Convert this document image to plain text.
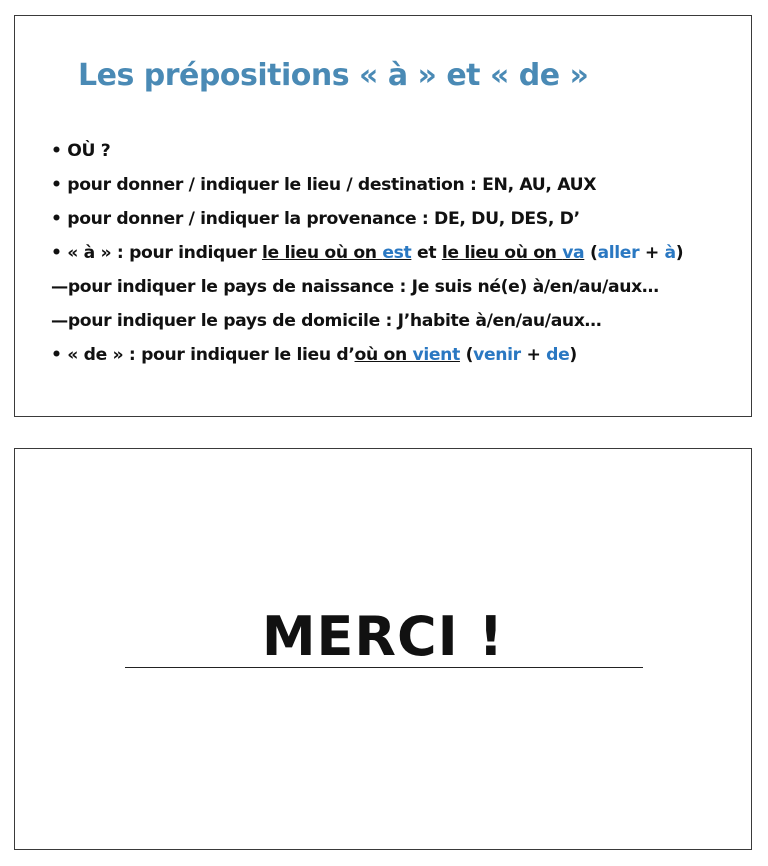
Les prépositions « à » et « de »
• OÙ ?
• pour donner / indiquer le lieu / destination : EN, AU, AUX
• pour donner / indiquer la provenance : DE, DU, DES, D’
• « à » : pour indiquer le lieu où on est et le lieu où on va (aller + à)
—pour indiquer le pays de naissance : Je suis né(e) à/en/au/aux…
—pour indiquer le pays de domicile : J’habite à/en/au/aux…
• « de » : pour indiquer le lieu d’où on vient (venir + de)
MERCI !
